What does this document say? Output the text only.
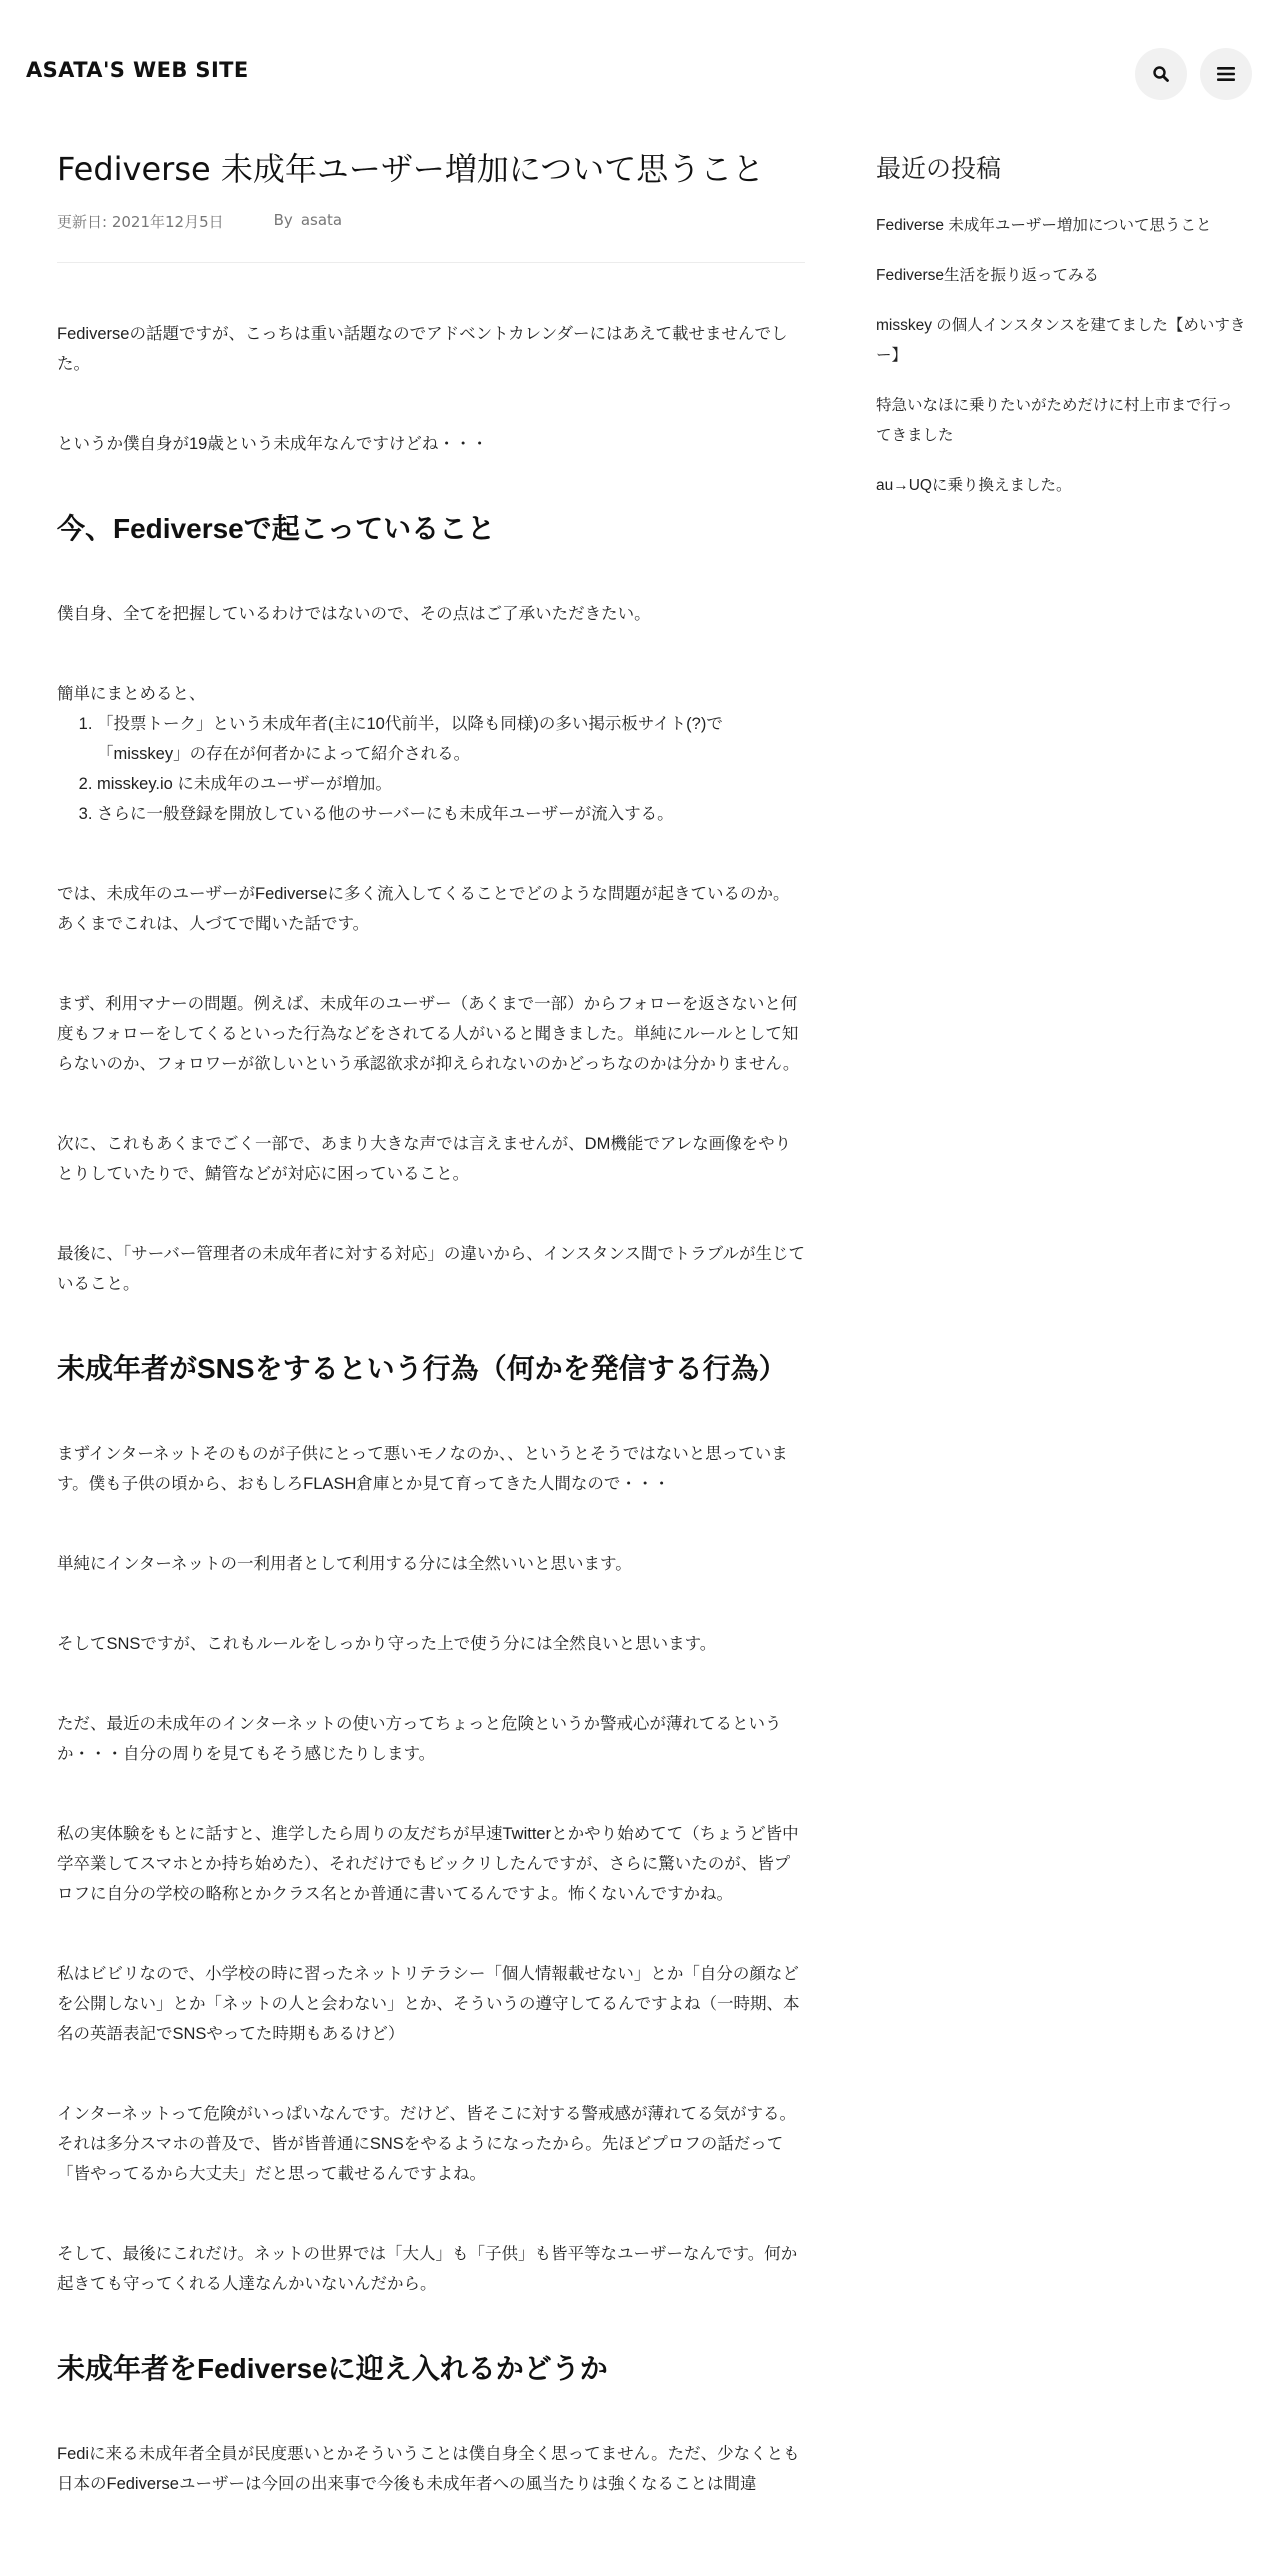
ASATA'S WEB SITE
Fediverse 未成年ユーザー増加について思うこと
更新日: 2021年12月5日	By asata

Fediverseの話題ですが、こっちは重い話題なのでアドベントカレンダーにはあえて載せませんでした。

というか僕自身が19歳という未成年なんですけどね・・・

今、Fediverseで起こっていること

僕自身、全てを把握しているわけではないので、その点はご了承いただきたい。

簡単にまとめると、

1. 「投票トーク」という未成年者(主に10代前半，以降も同様)の多い掲示板サイト(?)で「misskey」の存在が何者かによって紹介される。
2. misskey.io に未成年のユーザーが増加。
3. さらに一般登録を開放している他のサーバーにも未成年ユーザーが流入する。

では、未成年のユーザーがFediverseに多く流入してくることでどのような問題が起きているのか。あくまでこれは、人づてで聞いた話です。

まず、利用マナーの問題。例えば、未成年のユーザー（あくまで一部）からフォローを返さないと何度もフォローをしてくるといった行為などをされてる人がいると聞きました。単純にルールとして知らないのか、フォロワーが欲しいという承認欲求が抑えられないのかどっちなのかは分かりません。

次に、これもあくまでごく一部で、あまり大きな声では言えませんが、DM機能でアレな画像をやりとりしていたりで、鯖管などが対応に困っていること。

最後に、「サーバー管理者の未成年者に対する対応」の違いから、インスタンス間でトラブルが生じていること。

未成年者がSNSをするという行為（何かを発信する行為）

まずインターネットそのものが子供にとって悪いモノなのか、、というとそうではないと思っています。僕も子供の頃から、おもしろFLASH倉庫とか見て育ってきた人間なので・・・

単純にインターネットの一利用者として利用する分には全然いいと思います。

そしてSNSですが、これもルールをしっかり守った上で使う分には全然良いと思います。

ただ、最近の未成年のインターネットの使い方ってちょっと危険というか警戒心が薄れてるというか・・・自分の周りを見てもそう感じたりします。

私の実体験をもとに話すと、進学したら周りの友だちが早速Twitterとかやり始めてて（ちょうど皆中学卒業してスマホとか持ち始めた）、それだけでもビックリしたんですが、さらに驚いたのが、皆プロフに自分の学校の略称とかクラス名とか普通に書いてるんですよ。怖くないんですかね。

私はビビリなので、小学校の時に習ったネットリテラシー「個人情報載せない」とか「自分の顔などを公開しない」とか「ネットの人と会わない」とか、そういうの遵守してるんですよね（一時期、本名の英語表記でSNSやってた時期もあるけど）

インターネットって危険がいっぱいなんです。だけど、皆そこに対する警戒感が薄れてる気がする。それは多分スマホの普及で、皆が皆普通にSNSをやるようになったから。先ほどプロフの話だって「皆やってるから大丈夫」だと思って載せるんですよね。

そして、最後にこれだけ。ネットの世界では「大人」も「子供」も皆平等なユーザーなんです。何か起きても守ってくれる人達なんかいないんだから。

未成年者をFediverseに迎え入れるかどうか

Fediに来る未成年者全員が民度悪いとかそういうことは僕自身全く思ってません。ただ、少なくとも日本のFediverseユーザーは今回の出来事で今後も未成年者への風当たりは強くなることは間違

最近の投稿
Fediverse 未成年ユーザー増加について思うこと
Fediverse生活を振り返ってみる
misskey の個人インスタンスを建てました【めいすきー】
特急いなほに乗りたいがためだけに村上市まで行ってきました
au→UQに乗り換えました。
